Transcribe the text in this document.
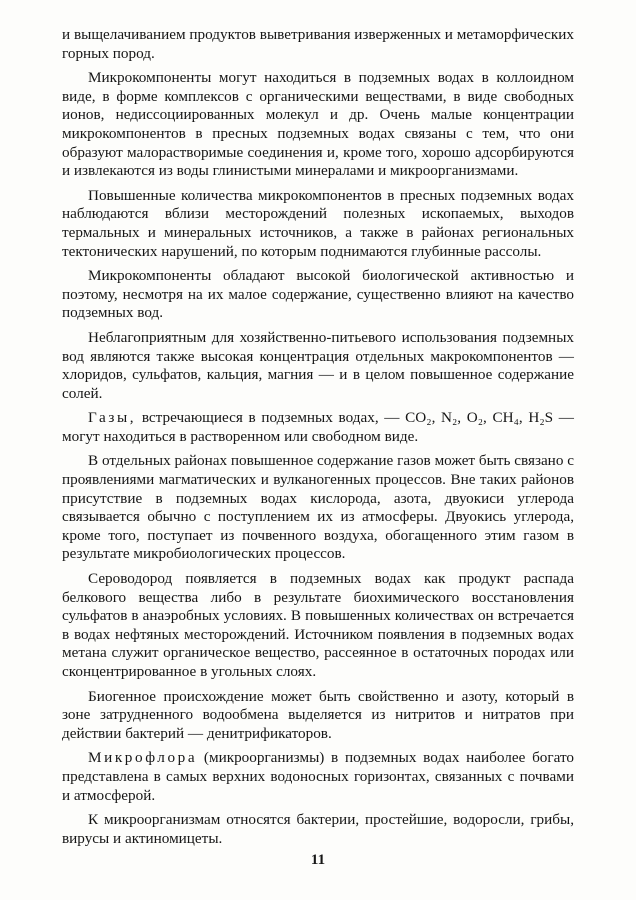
и выщелачиванием продуктов выветривания изверженных и метаморфических горных пород.

Микрокомпоненты могут находиться в подземных водах в коллоидном виде, в форме комплексов с органическими веществами, в виде свободных ионов, недиссоциированных молекул и др. Очень малые концентрации микрокомпонентов в пресных подземных водах связаны с тем, что они образуют малорастворимые соединения и, кроме того, хорошо адсорбируются и извлекаются из воды глинистыми минералами и микроорганизмами.

Повышенные количества микрокомпонентов в пресных подземных водах наблюдаются вблизи месторождений полезных ископаемых, выходов термальных и минеральных источников, а также в районах региональных тектонических нарушений, по которым поднимаются глубинные рассолы.

Микрокомпоненты обладают высокой биологической активностью и поэтому, несмотря на их малое содержание, существенно влияют на качество подземных вод.

Неблагоприятным для хозяйственно-питьевого использования подземных вод являются также высокая концентрация отдельных макрокомпонентов — хлоридов, сульфатов, кальция, магния — и в целом повышенное содержание солей.

Газы, встречающиеся в подземных водах, — CO₂, N₂, O₂, CH₄, H₂S — могут находиться в растворенном или свободном виде.

В отдельных районах повышенное содержание газов может быть связано с проявлениями магматических и вулканогенных процессов. Вне таких районов присутствие в подземных водах кислорода, азота, двуокиси углерода связывается обычно с поступлением их из атмосферы. Двуокись углерода, кроме того, поступает из почвенного воздуха, обогащенного этим газом в результате микробиологических процессов.

Сероводород появляется в подземных водах как продукт распада белкового вещества либо в результате биохимического восстановления сульфатов в анаэробных условиях. В повышенных количествах он встречается в водах нефтяных месторождений. Источником появления в подземных водах метана служит органическое вещество, рассеянное в остаточных породах или сконцентрированное в угольных слоях.

Биогенное происхождение может быть свойственно и азоту, который в зоне затрудненного водообмена выделяется из нитритов и нитратов при действии бактерий — денитрификаторов.

Микрофлора (микроорганизмы) в подземных водах наиболее богато представлена в самых верхних водоносных горизонтах, связанных с почвами и атмосферой.

К микроорганизмам относятся бактерии, простейшие, водоросли, грибы, вирусы и актиномицеты.

11
